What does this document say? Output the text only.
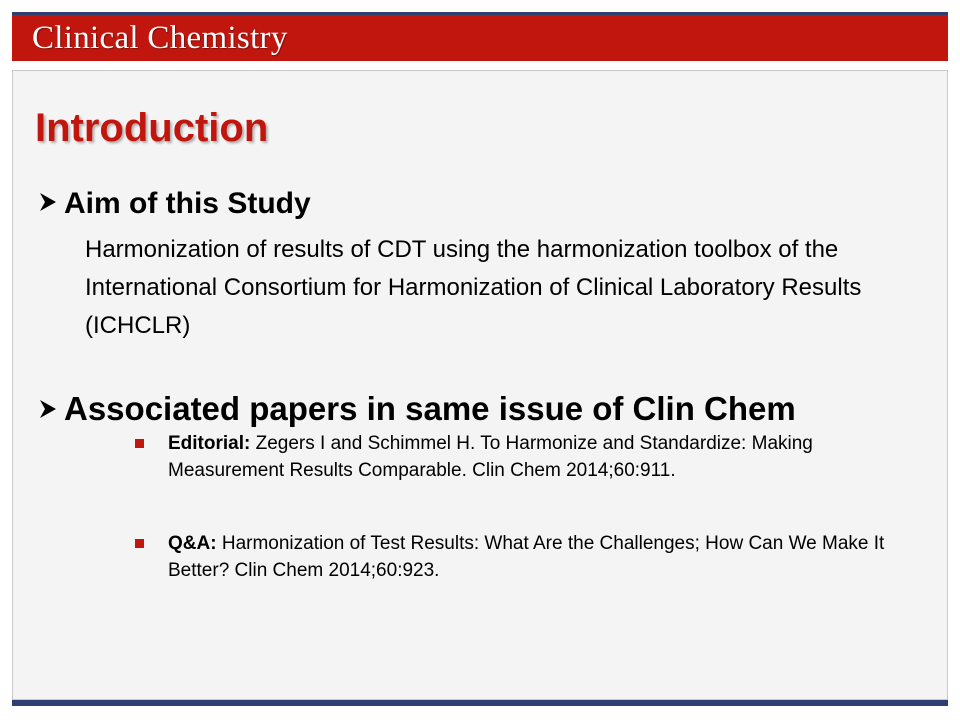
Clinical Chemistry
Introduction
Aim of this Study

Harmonization of results of CDT using the harmonization toolbox of the International Consortium for Harmonization of Clinical Laboratory Results (ICHCLR)

Associated papers in same issue of Clin Chem
Editorial: Zegers I and Schimmel H. To Harmonize and Standardize: Making Measurement Results Comparable. Clin Chem 2014;60:911.
Q&A: Harmonization of Test Results: What Are the Challenges; How Can We Make It Better? Clin Chem 2014;60:923.
